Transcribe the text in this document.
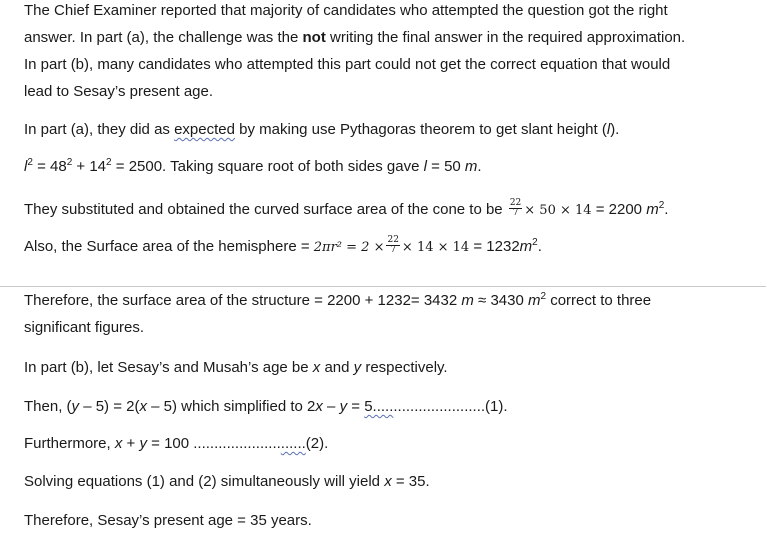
The Chief Examiner reported that majority of candidates who attempted the question got the right

answer. In part (a), the challenge was the not writing the final answer in the required approximation.

In part (b), many candidates who attempted this part could not get the correct equation that would

lead to Sesay’s present age.

In part (a), they did as expected by making use Pythagoras theorem to get slant height (l).

$l^2 = 48^2 + 14^2 = 2500$. Taking square root of both sides gave l = 50 m.

They substituted and obtained the curved surface area of the cone to be $\frac{22}{7} \times 50 \times 14 = 2200$ $m^2$.

Also, the Surface area of the hemisphere = $2\pi r^2 = 2 \times \frac{22}{7} \times 14 \times 14 = 1232m^2$.

Therefore, the surface area of the structure = 2200 + 1232= 3432 m ≈ 3430 $m^2$ correct to three

significant figures.

In part (b), let Sesay’s and Musah’s age be x and y respectively.

Then, (y – 5) = 2(x – 5) which simplified to 2x – y = 5...........................(1).

Furthermore, x + y = 100 ...........................(2).

Solving equations (1) and (2) simultaneously will yield x = 35.

Therefore, Sesay’s present age = 35 years.
